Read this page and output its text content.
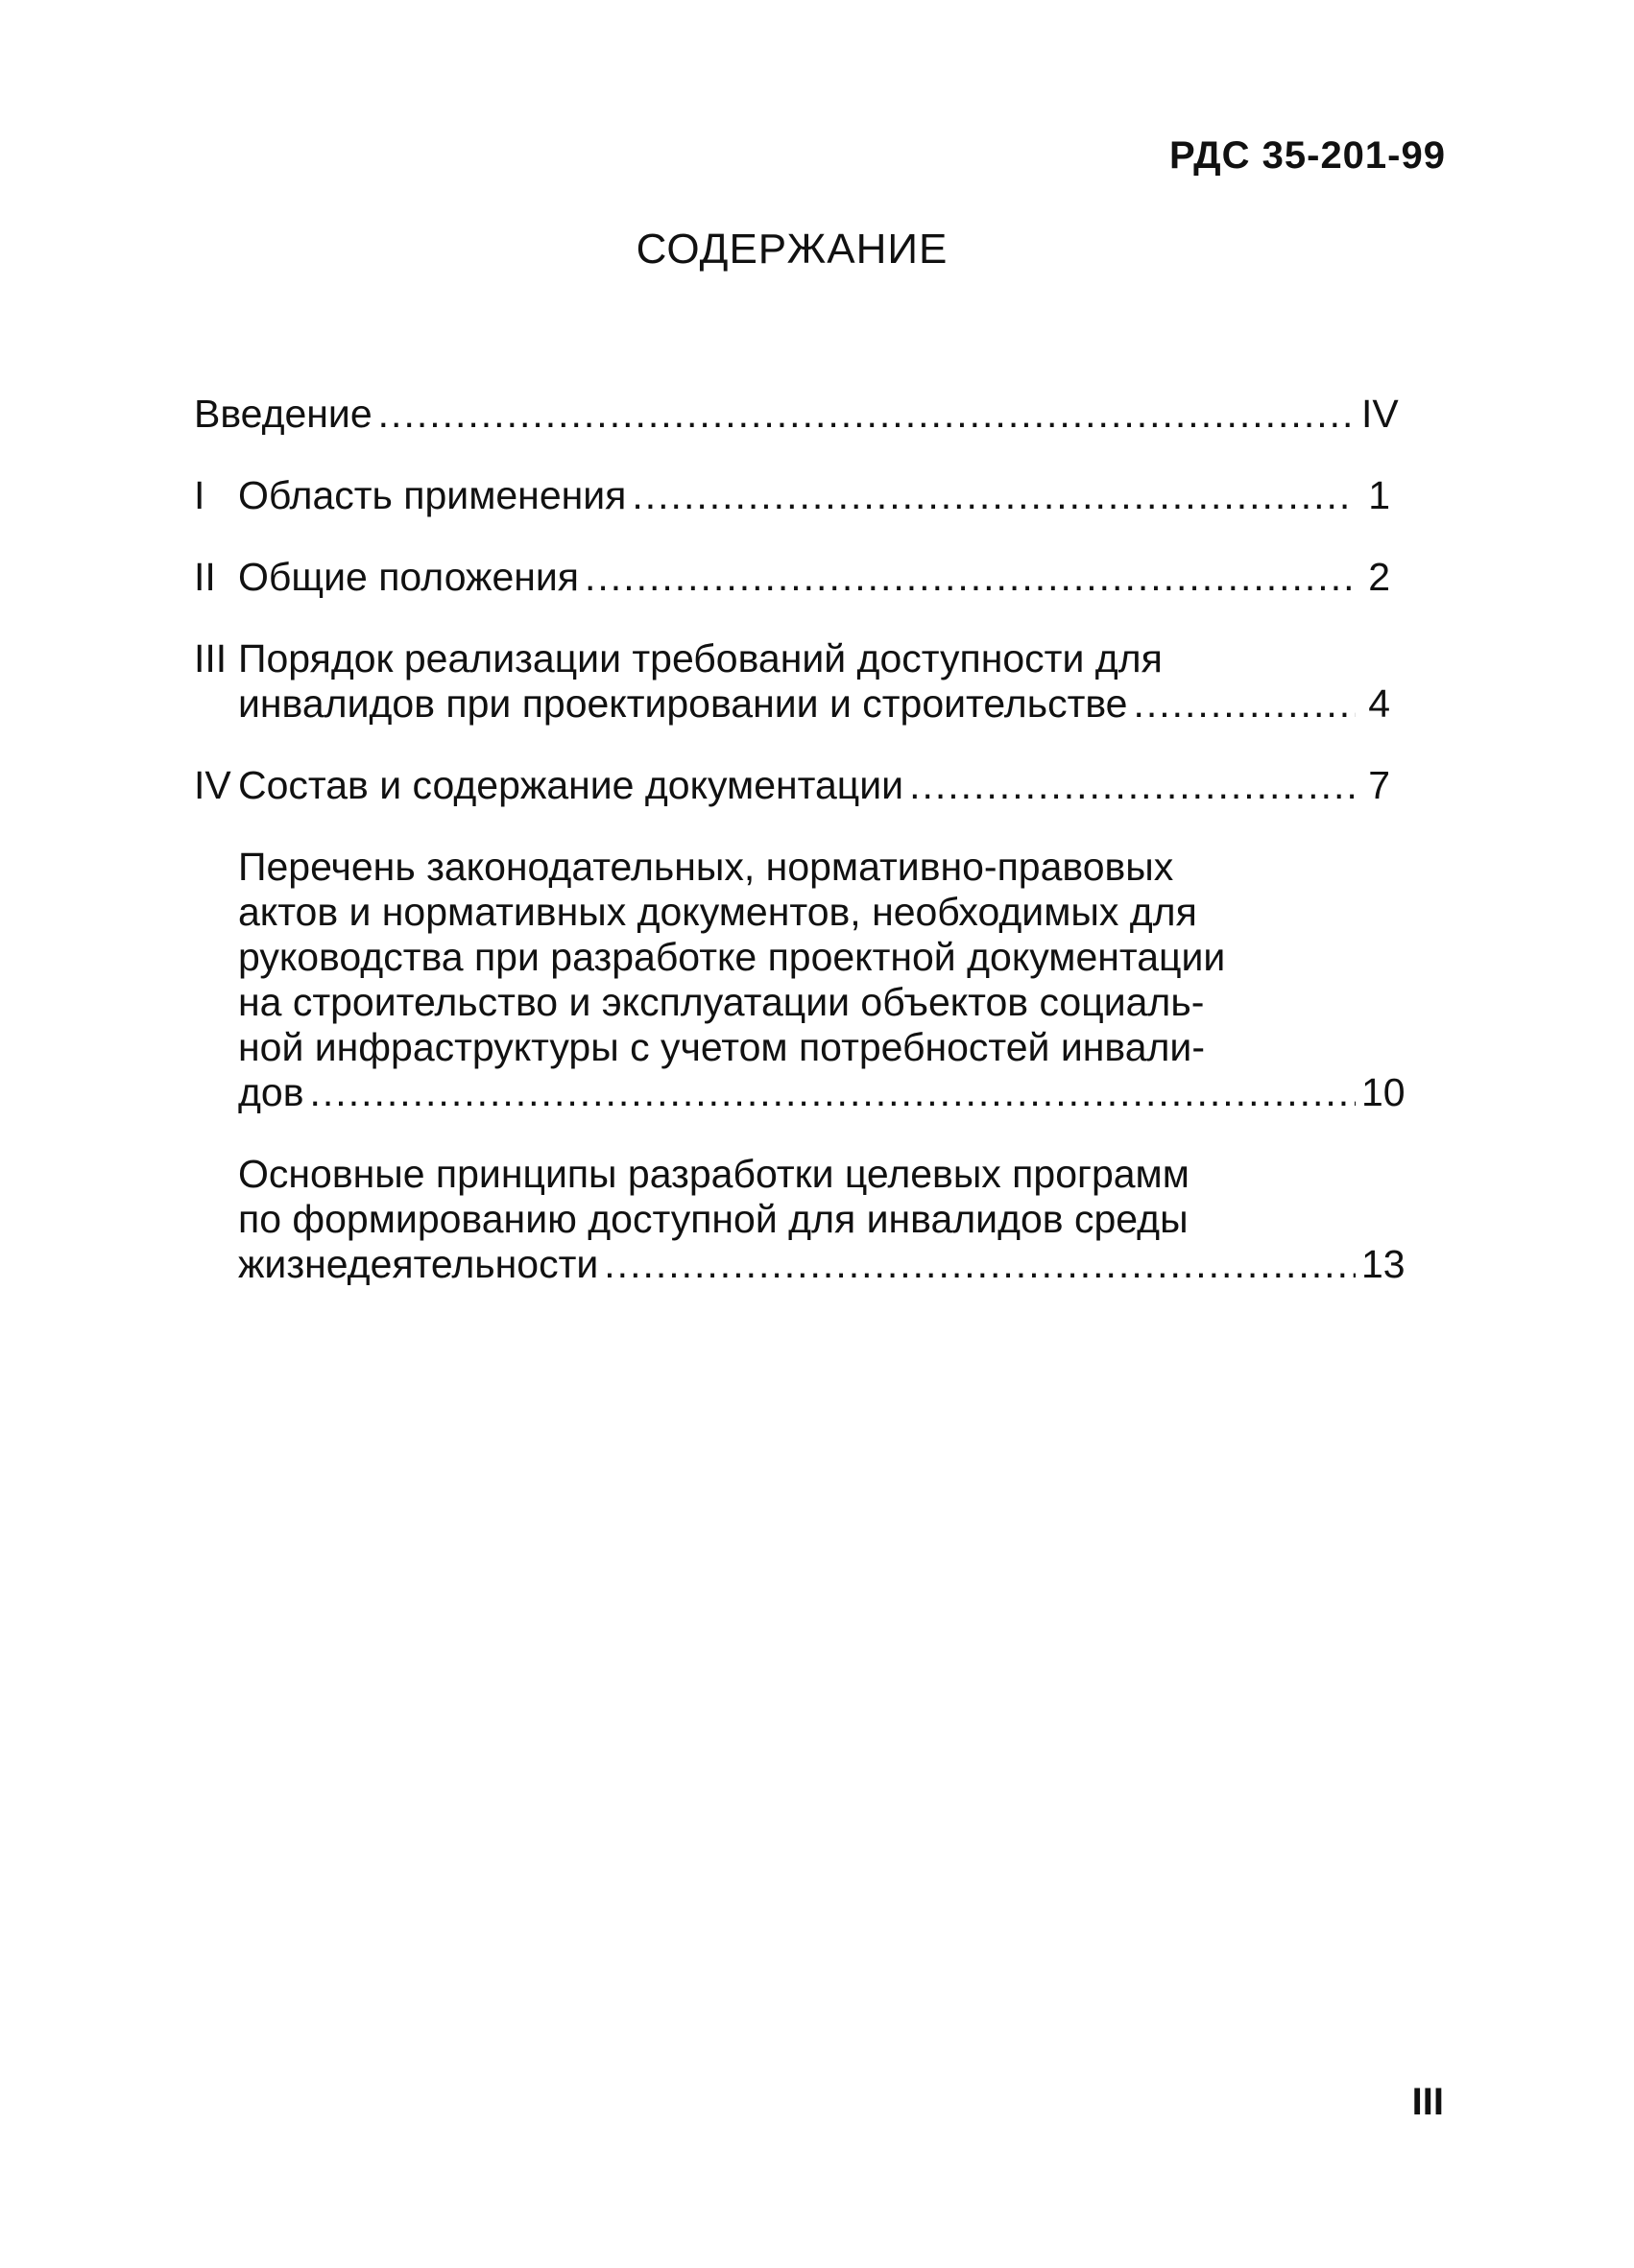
РДС 35-201-99
СОДЕРЖАНИЕ
Введение .....	IV
I Область применения .....	1
II Общие положения .....	2
III Порядок реализации требований доступности для
инвалидов при проектировании и строительстве .....	4
IV Состав и содержание документации .....	7
Перечень законодательных, нормативно-правовых
актов и нормативных документов, необходимых для
руководства при разработке проектной документации
на строительство и эксплуатации объектов социаль-
ной инфраструктуры с учетом потребностей инвали-
дов .....	10
Основные принципы разработки целевых программ
по формированию доступной для инвалидов среды
жизнедеятельности .....	13
III
